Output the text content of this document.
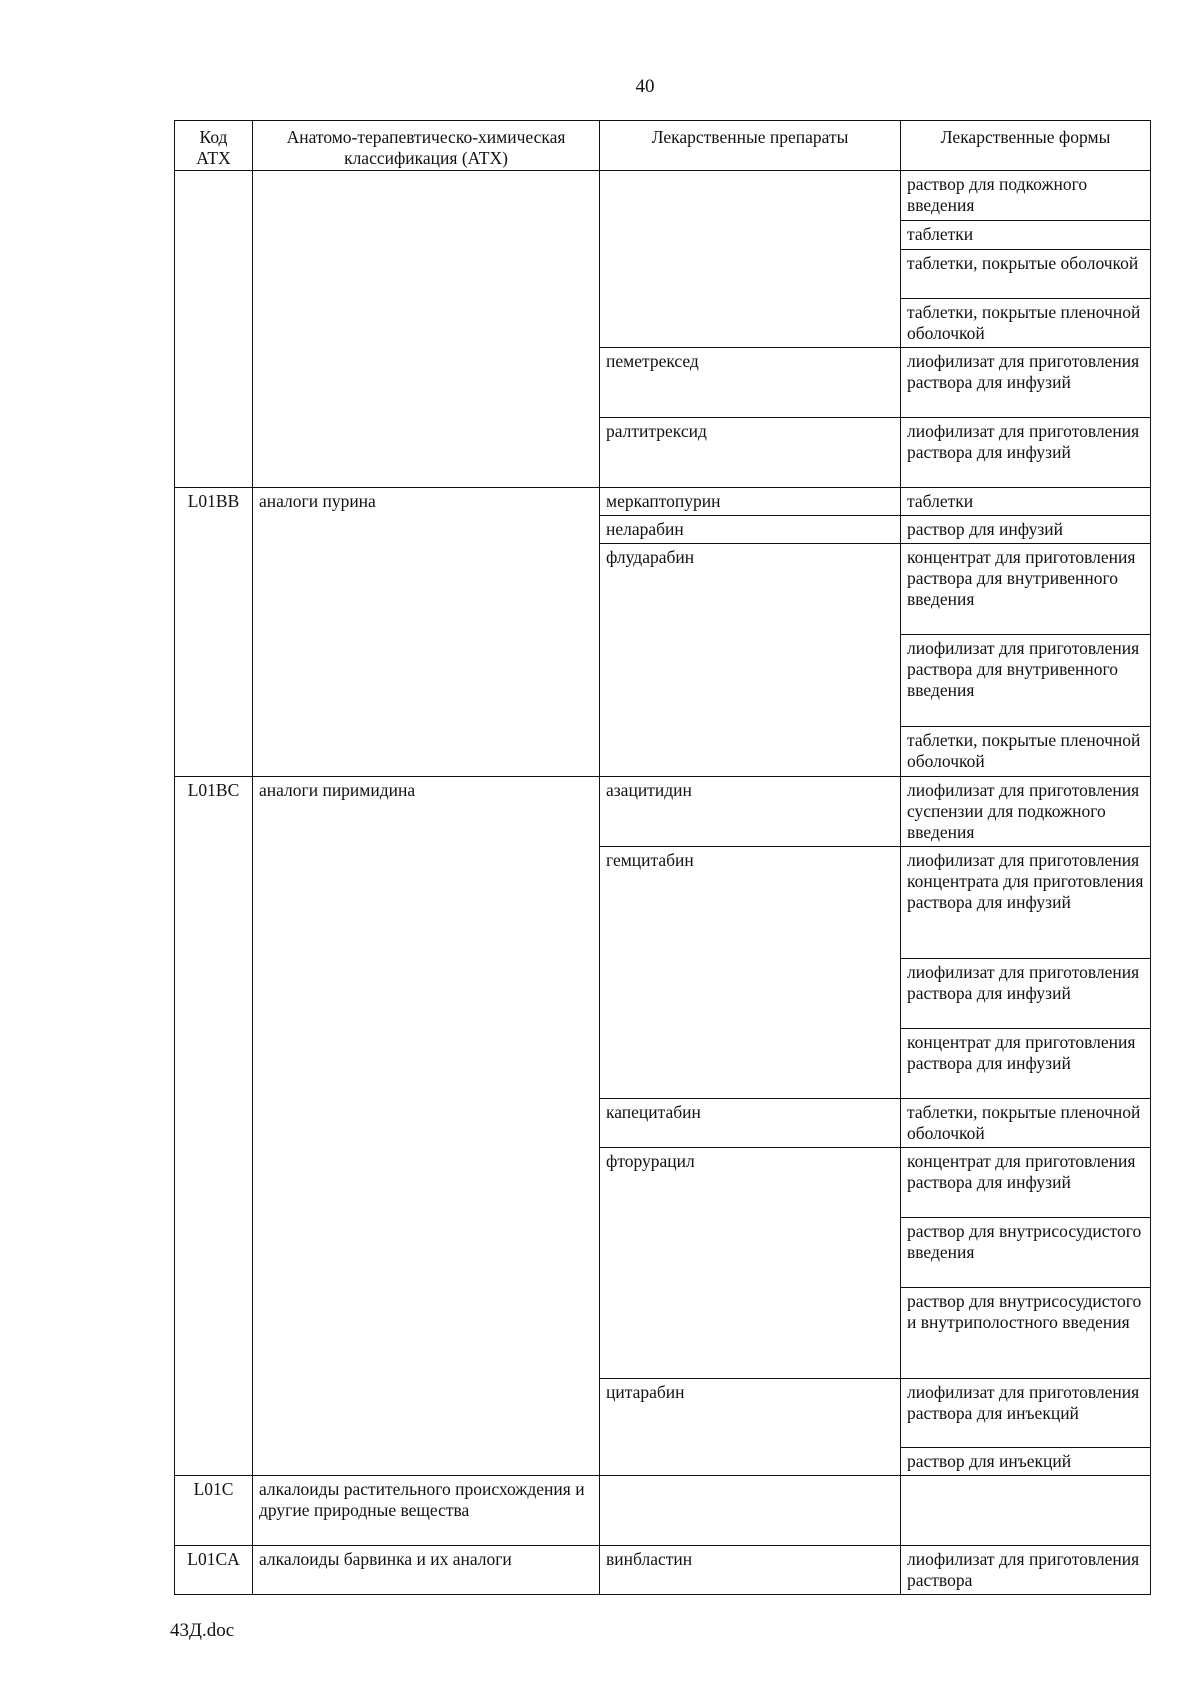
40
Код АТХ	Анатомо-терапевтическо-химическая классификация (АТХ)	Лекарственные препараты	Лекарственные формы
			раствор для подкожного введения
			таблетки
			таблетки, покрытые оболочкой
			таблетки, покрытые пленочной оболочкой
		пеметрексед	лиофилизат для приготовления раствора для инфузий
		ралтитрексид	лиофилизат для приготовления раствора для инфузий
L01BB	аналоги пурина	меркаптопурин	таблетки
		неларабин	раствор для инфузий
		флударабин	концентрат для приготовления раствора для внутривенного введения
			лиофилизат для приготовления раствора для внутривенного введения
			таблетки, покрытые пленочной оболочкой
L01BC	аналоги пиримидина	азацитидин	лиофилизат для приготовления суспензии для подкожного введения
		гемцитабин	лиофилизат для приготовления концентрата для приготовления раствора для инфузий
			лиофилизат для приготовления раствора для инфузий
			концентрат для приготовления раствора для инфузий
		капецитабин	таблетки, покрытые пленочной оболочкой
		фторурацил	концентрат для приготовления раствора для инфузий
			раствор для внутрисосудистого введения
			раствор для внутрисосудистого и внутриполостного введения
		цитарабин	лиофилизат для приготовления раствора для инъекций
			раствор для инъекций
L01C	алкалоиды растительного происхождения и другие природные вещества		
L01CA	алкалоиды барвинка и их аналоги	винбластин	лиофилизат для приготовления раствора
43Д.doc
